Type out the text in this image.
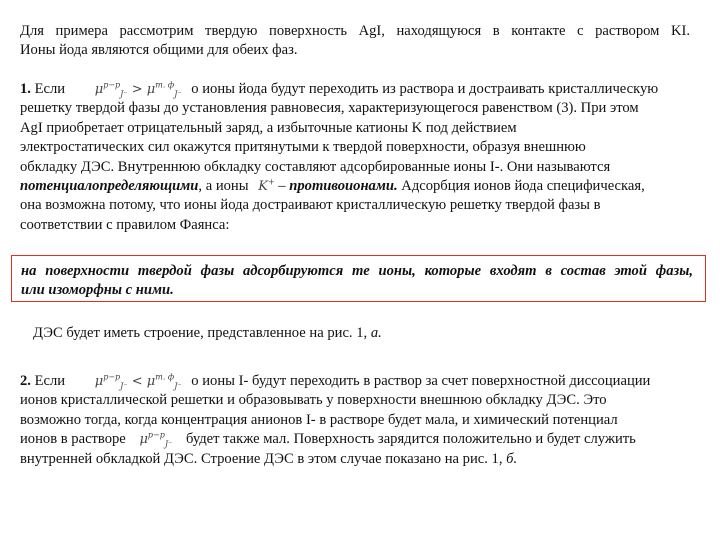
Для примера рассмотрим твердую поверхность AgI, находящуюся в контакте с раствором KI.
Ионы йода являются общими для обеих фаз.
1. Если $\mu^{p-p}_{J^-} > \mu^{т. ф}_{J^-}$ о ионы йода будут переходить из раствора и достраивать кристаллическую
решетку твердой фазы до установления равновесия, характеризующегося равенством (3). При этом
AgI приобретает отрицательный заряд, а избыточные катионы K под действием
электростатических сил окажутся притянутыми к твердой поверхности, образуя внешнюю
обкладку ДЭС. Внутреннюю обкладку составляют адсорбированные ионы I-. Они называются
потенциалопределяющими, а ионы K+ – противоионами. Адсорбция ионов йода специфическая,
она возможна потому, что ионы йода достраивают кристаллическую решетку твердой фазы в
соответствии с правилом Фаянса:
на поверхности твердой фазы адсорбируются те ионы, которые входят в состав этой фазы,
или изоморфны с ними.
ДЭС будет иметь строение, представленное на рис. 1, а.
2. Если $\mu^{p-p}_{J^-} < \mu^{т. ф}_{J^-}$ о ионы I- будут переходить в раствор за счет поверхностной диссоциации
ионов кристаллической решетки и образовывать у поверхности внешнюю обкладку ДЭС. Это
возможно тогда, когда концентрация анионов I- в растворе будет мала, и химический потенциал
ионов в растворе $\mu^{p-p}_{J^-}$ будет также мал. Поверхность зарядится положительно и будет служить
внутренней обкладкой ДЭС. Строение ДЭС в этом случае показано на рис. 1, б.
